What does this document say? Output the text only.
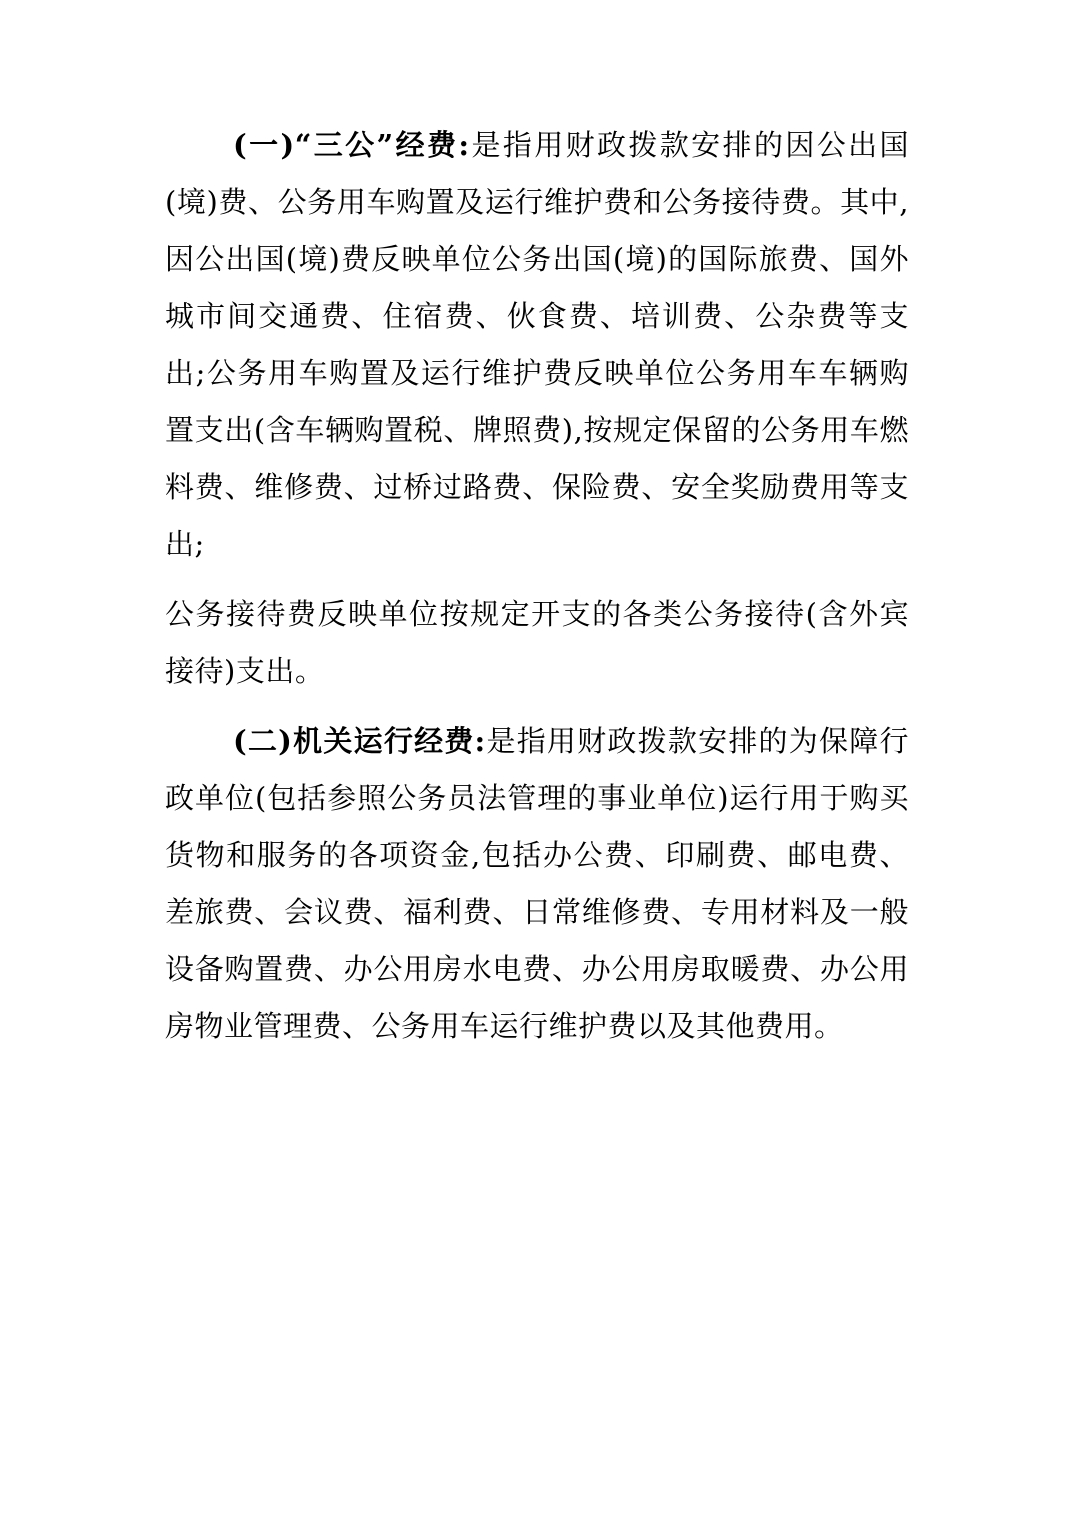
(一)“三公”经费:是指用财政拨款安排的因公出国(境)费、公务用车购置及运行维护费和公务接待费。其中,因公出国(境)费反映单位公务出国(境)的国际旅费、国外城市间交通费、住宿费、伙食费、培训费、公杂费等支出;公务用车购置及运行维护费反映单位公务用车车辆购置支出(含车辆购置税、牌照费),按规定保留的公务用车燃料费、维修费、过桥过路费、保险费、安全奖励费用等支出;

公务接待费反映单位按规定开支的各类公务接待(含外宾接待)支出。

(二)机关运行经费:是指用财政拨款安排的为保障行政单位(包括参照公务员法管理的事业单位)运行用于购买货物和服务的各项资金,包括办公费、印刷费、邮电费、差旅费、会议费、福利费、日常维修费、专用材料及一般设备购置费、办公用房水电费、办公用房取暖费、办公用房物业管理费、公务用车运行维护费以及其他费用。
